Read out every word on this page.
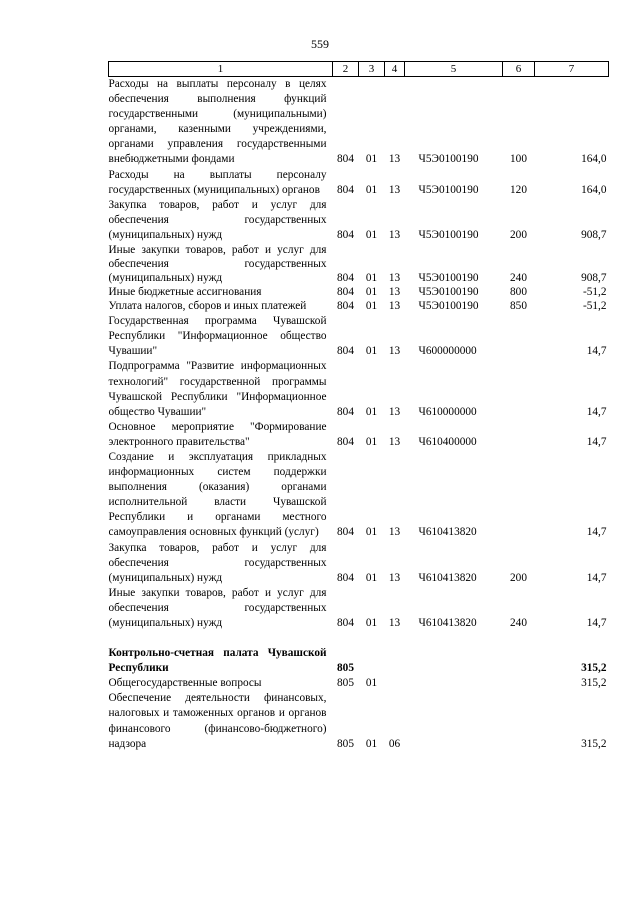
559
1	2	3	4	5	6	7
Расходы на выплаты персоналу в целях обеспечения выполнения функций государственными (муниципальными) органами, казенными учреждениями, органами управления государственными внебюджетными фондами	804	01	13	Ч5Э0100190	100	164,0
Расходы на выплаты персоналу государственных (муниципальных) органов	804	01	13	Ч5Э0100190	120	164,0
Закупка товаров, работ и услуг для обеспечения государственных (муниципальных) нужд	804	01	13	Ч5Э0100190	200	908,7
Иные закупки товаров, работ и услуг для обеспечения государственных (муниципальных) нужд	804	01	13	Ч5Э0100190	240	908,7
Иные бюджетные ассигнования	804	01	13	Ч5Э0100190	800	-51,2
Уплата налогов, сборов и иных платежей	804	01	13	Ч5Э0100190	850	-51,2
Государственная программа Чувашской Республики "Информационное общество Чувашии"	804	01	13	Ч600000000		14,7
Подпрограмма "Развитие информационных технологий" государственной программы Чувашской Республики "Информационное общество Чувашии"	804	01	13	Ч610000000		14,7
Основное мероприятие "Формирование электронного правительства"	804	01	13	Ч610400000		14,7
Создание и эксплуатация прикладных информационных систем поддержки выполнения (оказания) органами исполнительной власти Чувашской Республики и органами местного самоуправления основных функций (услуг)	804	01	13	Ч610413820		14,7
Закупка товаров, работ и услуг для обеспечения государственных (муниципальных) нужд	804	01	13	Ч610413820	200	14,7
Иные закупки товаров, работ и услуг для обеспечения государственных (муниципальных) нужд	804	01	13	Ч610413820	240	14,7

Контрольно-счетная палата Чувашской Республики	805					315,2
Общегосударственные вопросы	805	01				315,2
Обеспечение деятельности финансовых, налоговых и таможенных органов и органов финансового (финансово-бюджетного) надзора	805	01	06			315,2
